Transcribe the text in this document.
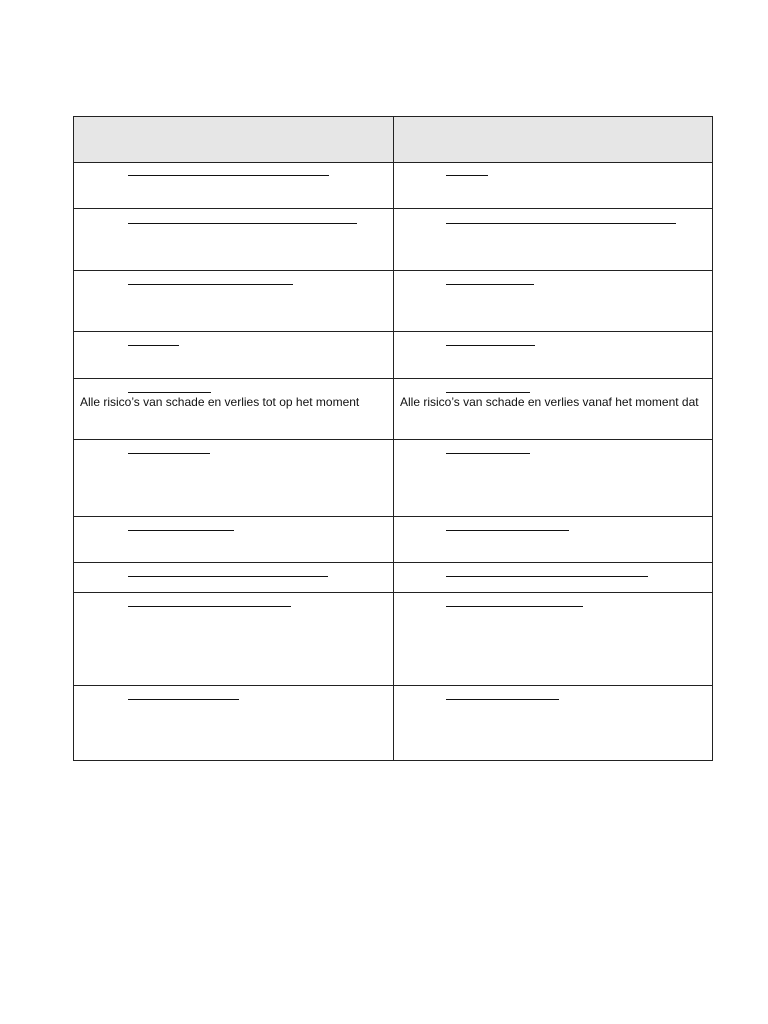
Alle risico’s van schade en verlies tot op het moment	Alle risico’s van schade en verlies vanaf het moment dat
